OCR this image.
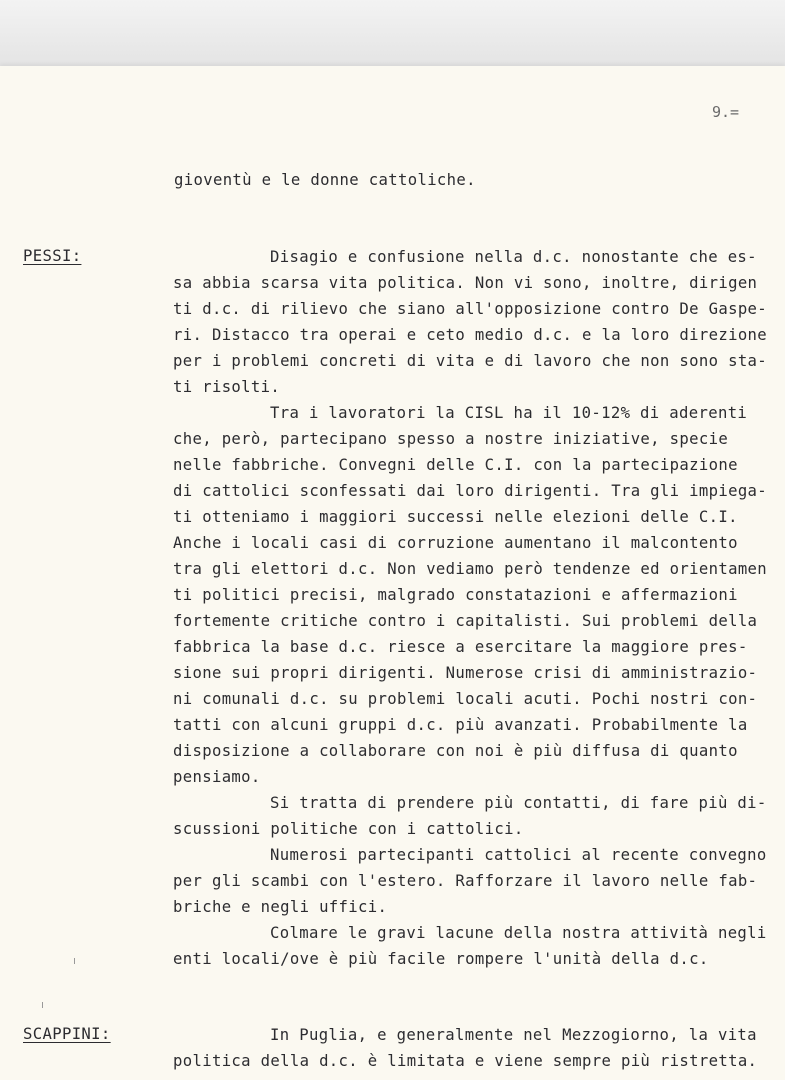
9.=
gioventù e le donne cattoliche.
PESSI:	Disagio e confusione nella d.c. nonostante che es-
sa abbia scarsa vita politica. Non vi sono, inoltre, dirigen
ti d.c. di rilievo che siano all'opposizione contro De Gaspe-
ri. Distacco tra operai e ceto medio d.c. e la loro direzione
per i problemi concreti di vita e di lavoro che non sono sta-
ti risolti.
Tra i lavoratori la CISL ha il 10-12% di aderenti
che, però, partecipano spesso a nostre iniziative, specie
nelle fabbriche. Convegni delle C.I. con la partecipazione
di cattolici sconfessati dai loro dirigenti. Tra gli impiega-
ti otteniamo i maggiori successi nelle elezioni delle C.I.
Anche i locali casi di corruzione aumentano il malcontento
tra gli elettori d.c. Non vediamo però tendenze ed orientamen
ti politici precisi, malgrado constatazioni e affermazioni
fortemente critiche contro i capitalisti. Sui problemi della
fabbrica la base d.c. riesce a esercitare la maggiore pres-
sione sui propri dirigenti. Numerose crisi di amministrazio-
ni comunali d.c. su problemi locali acuti. Pochi nostri con-
tatti con alcuni gruppi d.c. più avanzati. Probabilmente la
disposizione a collaborare con noi è più diffusa di quanto
pensiamo.
Si tratta di prendere più contatti, di fare più di-
scussioni politiche con i cattolici.
Numerosi partecipanti cattolici al recente convegno
per gli scambi con l'estero. Rafforzare il lavoro nelle fab-
briche e negli uffici.
Colmare le gravi lacune della nostra attività negli
enti locali/ove è più facile rompere l'unità della d.c.
SCAPPINI:	In Puglia, e generalmente nel Mezzogiorno, la vita
politica della d.c. è limitata e viene sempre più ristretta.
